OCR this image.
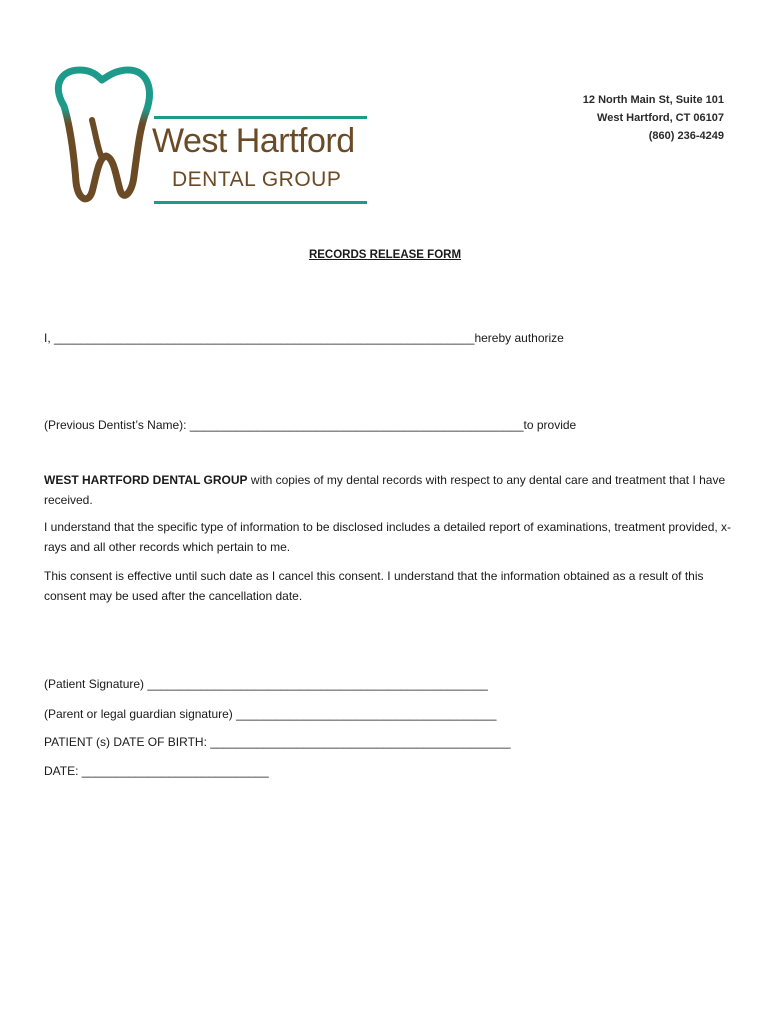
West Hartford
DENTAL GROUP
12 North Main St, Suite 101
West Hartford, CT 06107
(860) 236-4249
RECORDS RELEASE FORM
I, _______________________________________________________________hereby authorize
(Previous Dentist’s Name): __________________________________________________to provide
WEST HARTFORD DENTAL GROUP with copies of my dental records with respect to any dental care and treatment that I have received.
I understand that the specific type of information to be disclosed includes a detailed report of examinations, treatment provided, x-rays and all other records which pertain to me.
This consent is effective until such date as I cancel this consent. I understand that the information obtained as a result of this consent may be used after the cancellation date.
(Patient Signature) ___________________________________________________
(Parent or legal guardian signature) _______________________________________
PATIENT (s) DATE OF BIRTH: _____________________________________________
DATE: ____________________________
